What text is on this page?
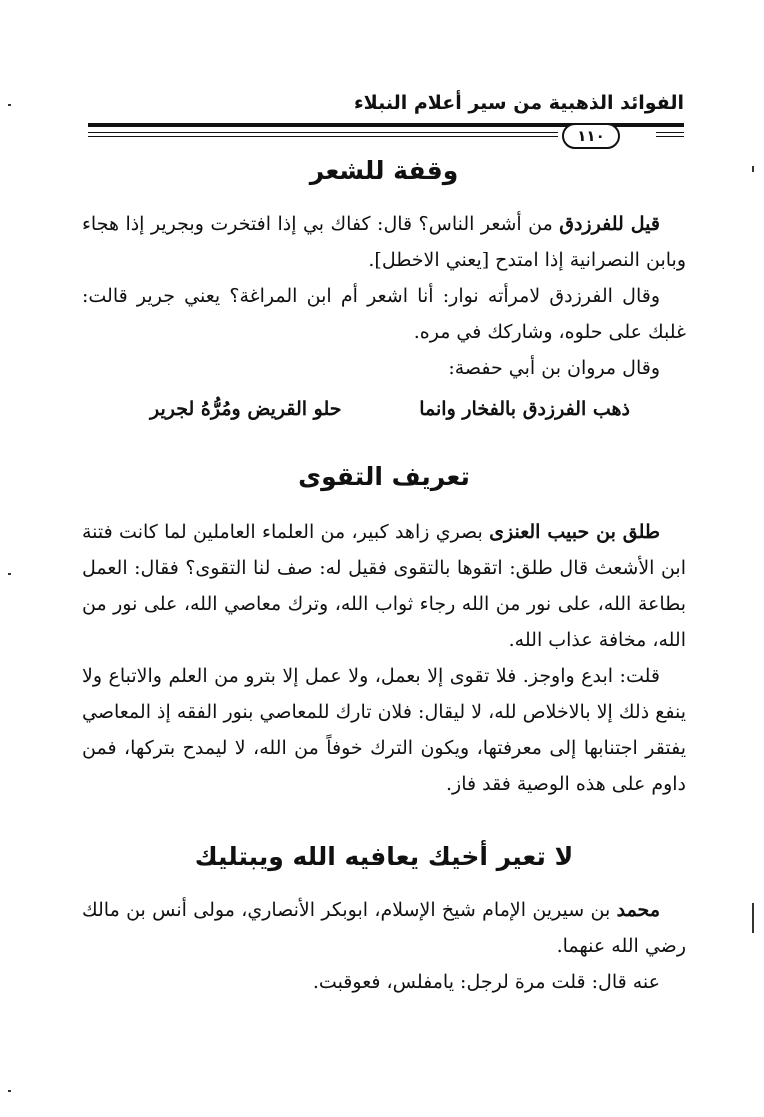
الفوائد الذهبية من سير أعلام النبلاء
١١٠
وقفة للشعر

قيل للفرزدق من أشعر الناس؟ قال: كفاك بي إذا افتخرت وبجرير إذا هجاء وبابن النصرانية إذا امتدح [يعني الاخطل].

وقال الفرزدق لامرأته نوار: أنا اشعر أم ابن المراغة؟ يعني جرير قالت: غلبك على حلوه، وشاركك في مره.

وقال مروان بن أبي حفصة:

ذهب الفرزدق بالفخار وانما
حلو القريض ومُرُّهُ لجرير
تعريف التقوى

طلق بن حبيب العنزى بصري زاهد كبير، من العلماء العاملين لما كانت فتنة ابن الأشعث قال طلق: اتقوها بالتقوى فقيل له: صف لنا التقوى؟ فقال: العمل بطاعة الله، على نور من الله رجاء ثواب الله، وترك معاصي الله، على نور من الله، مخافة عذاب الله.

قلت: ابدع واوجز. فلا تقوى إلا بعمل، ولا عمل إلا بترو من العلم والاتباع ولا ينفع ذلك إلا بالاخلاص لله، لا ليقال: فلان تارك للمعاصي بنور الفقه إذ المعاصي يفتقر اجتنابها إلى معرفتها، ويكون الترك خوفاً من الله، لا ليمدح بتركها، فمن داوم على هذه الوصية فقد فاز.

لا تعير أخيك يعافيه الله ويبتليك

محمد بن سيرين الإمام شيخ الإسلام، ابوبكر الأنصاري، مولى أنس بن مالك رضي الله عنهما.

عنه قال: قلت مرة لرجل: يامفلس، فعوقبت.
